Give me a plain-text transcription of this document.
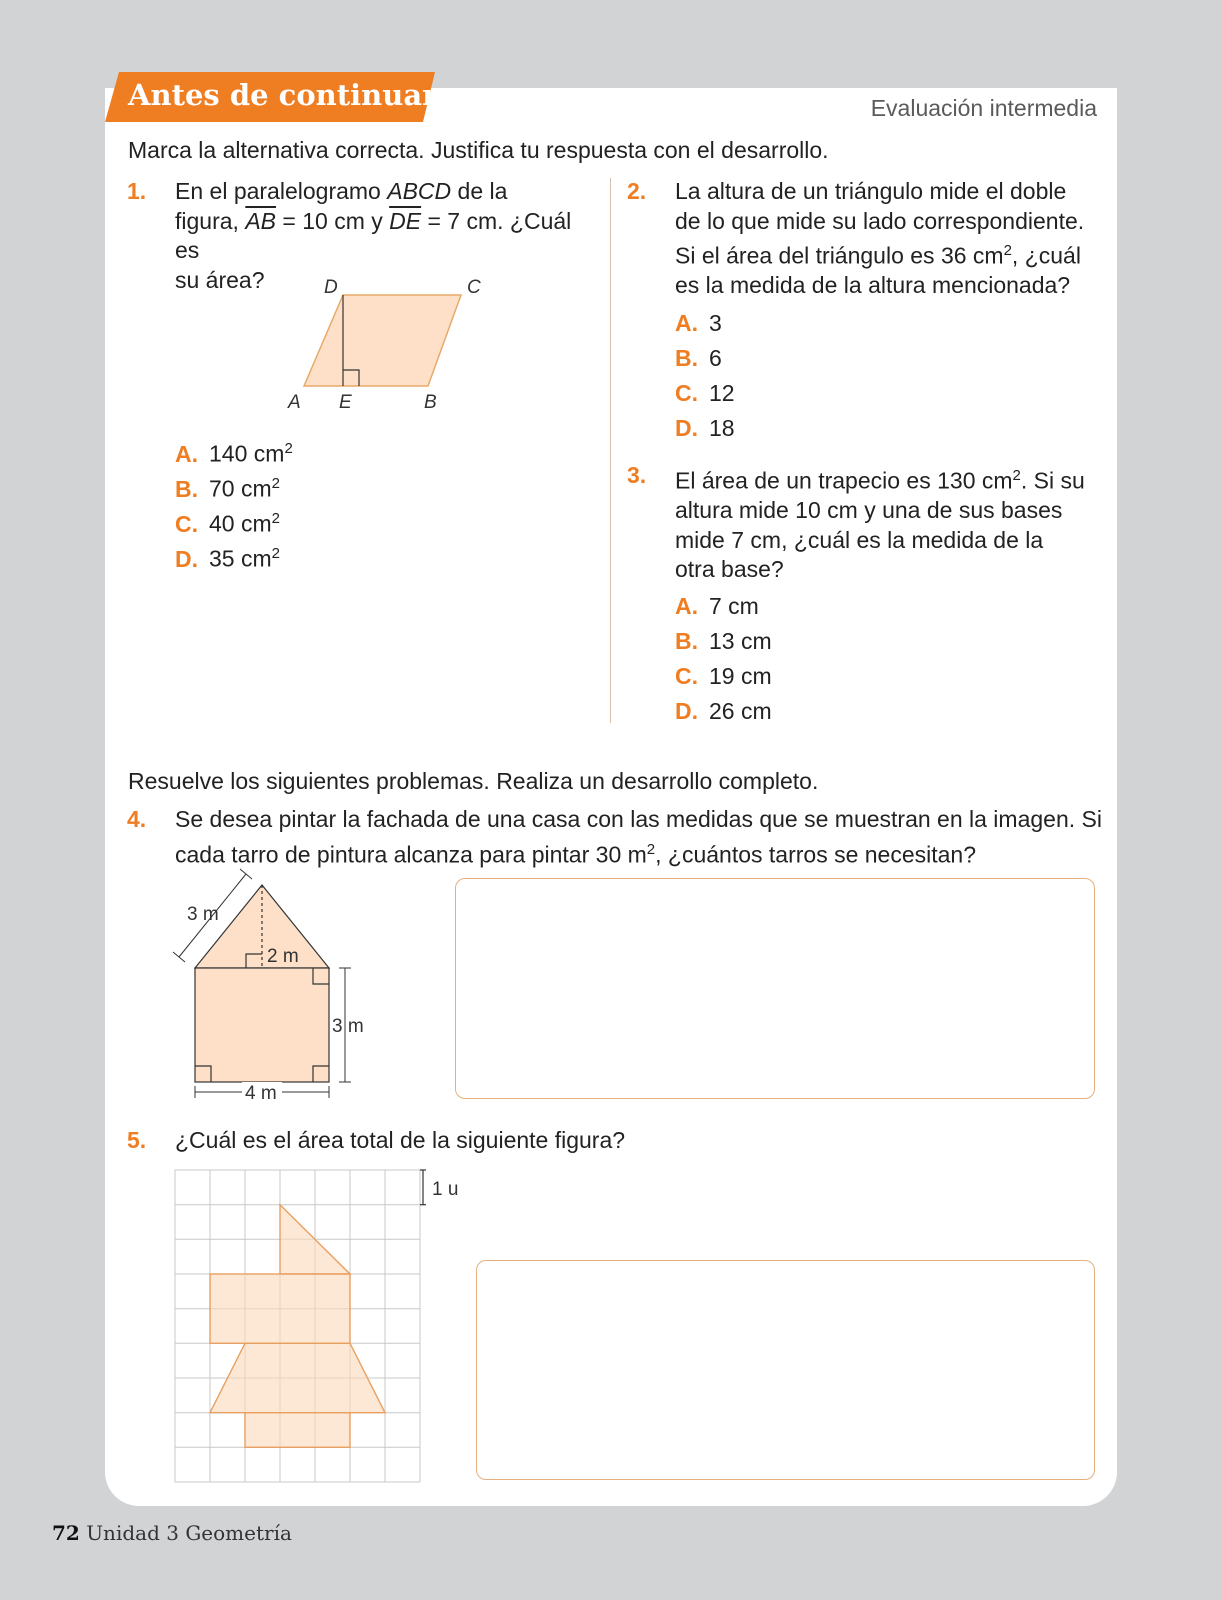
Antes de continuar	Evaluación intermedia
Marca la alternativa correcta. Justifica tu respuesta con el desarrollo.
1. En el paralelogramo ABCD de la
figura, $\overline{AB} = 10$ cm y $\overline{DE} = 7$ cm. ¿Cuál es
su área?	D	C
A E	B
A. 140 $cm^2$
B. 70 $cm^2$
C. 40 $cm^2$
D. 35 $cm^2$
2. La altura de un triángulo mide el doble
de lo que mide su lado correspondiente.
Si el área del triángulo es 36 $cm^2$, ¿cuál
es la medida de la altura mencionada?
A. 3
B. 6
C. 12
D. 18
3. El área de un trapecio es 130 $cm^2$. Si su
altura mide 10 cm y una de sus bases
mide 7 cm, ¿cuál es la medida de la
otra base?
A. 7 cm
B. 13 cm
C. 19 cm
D. 26 cm
Resuelve los siguientes problemas. Realiza un desarrollo completo.
4. Se desea pintar la fachada de una casa con las medidas que se muestran en la imagen. Si
cada tarro de pintura alcanza para pintar 30 $m^2$, ¿cuántos tarros se necesitan?
3 m
2 m
3 m
4 m
5. ¿Cuál es el área total de la siguiente figura?
1 u
72 Unidad 3 Geometría
